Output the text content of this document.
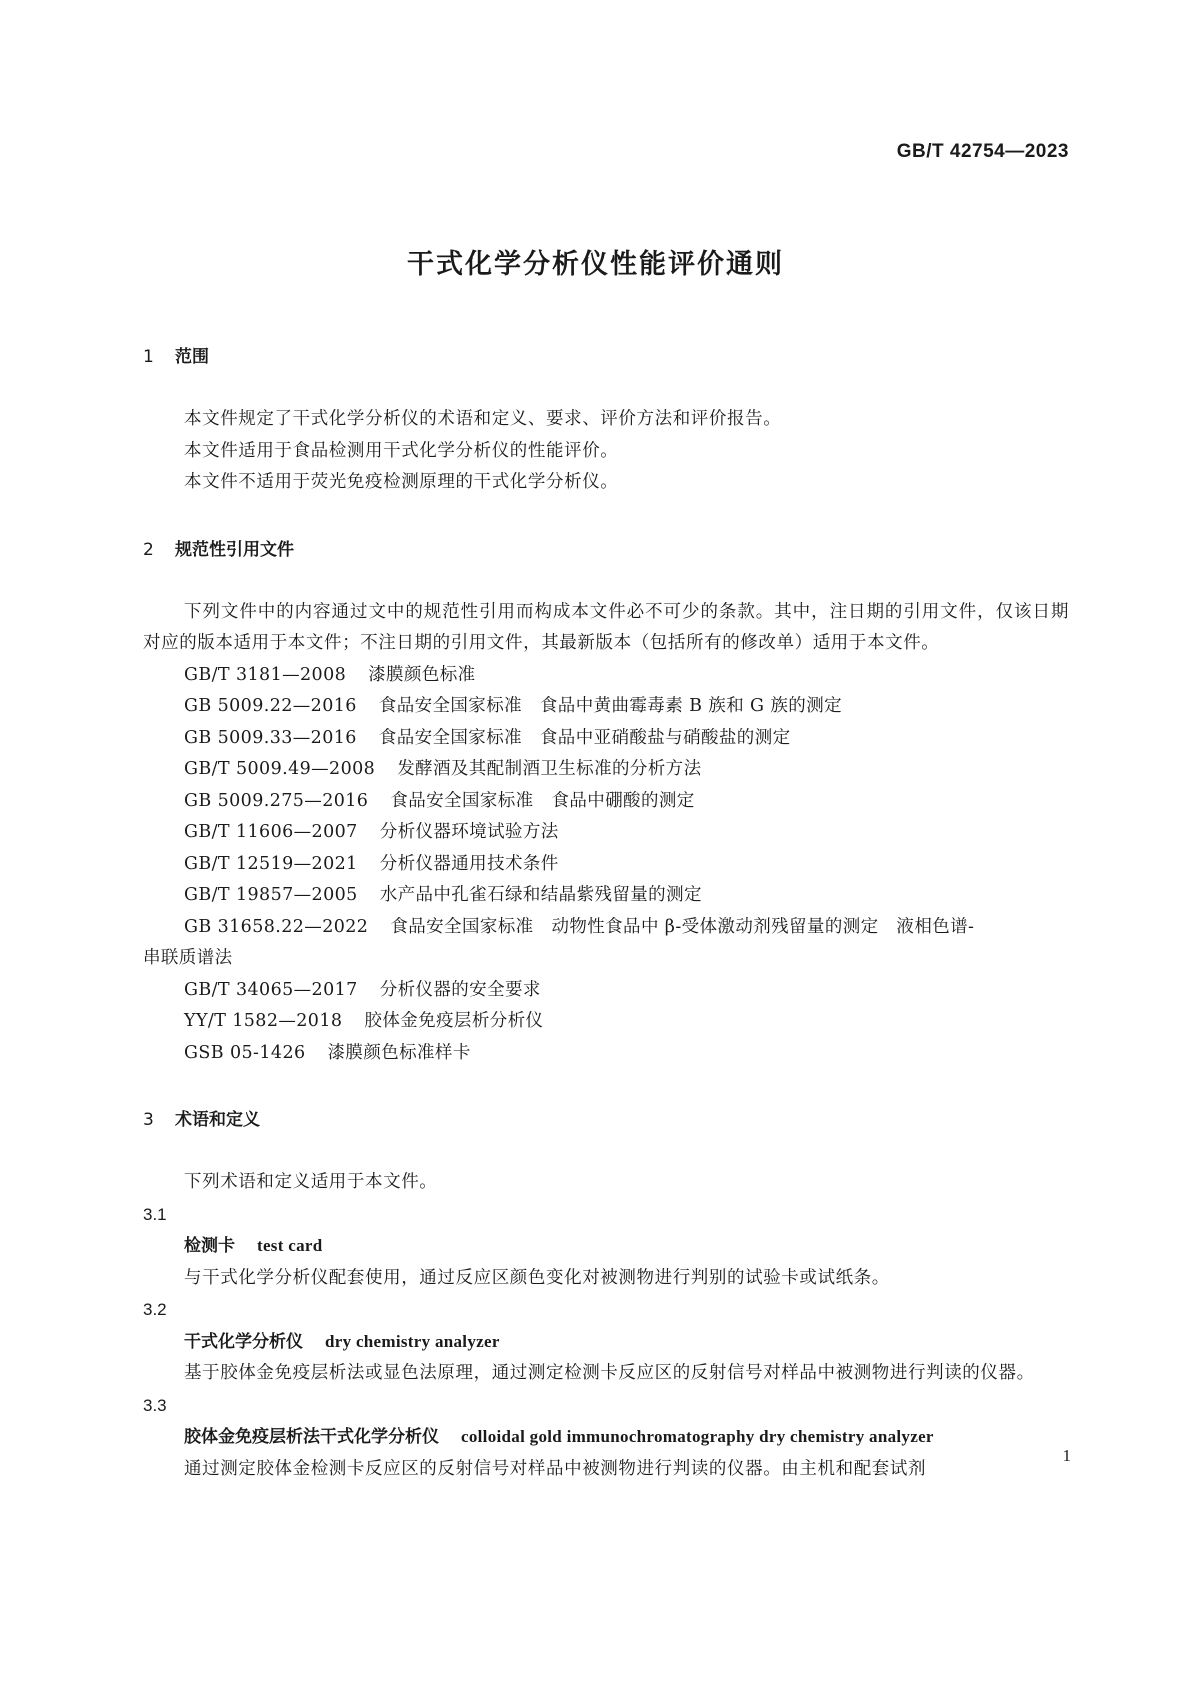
GB/T 42754—2023
干式化学分析仪性能评价通则
1 范围
本文件规定了干式化学分析仪的术语和定义、要求、评价方法和评价报告。
本文件适用于食品检测用干式化学分析仪的性能评价。
本文件不适用于荧光免疫检测原理的干式化学分析仪。
2 规范性引用文件
下列文件中的内容通过文中的规范性引用而构成本文件必不可少的条款。其中，注日期的引用文件，仅该日期对应的版本适用于本文件；不注日期的引用文件，其最新版本（包括所有的修改单）适用于本文件。
GB/T 3181—2008 漆膜颜色标准
GB 5009.22—2016 食品安全国家标准　食品中黄曲霉毒素 B 族和 G 族的测定
GB 5009.33—2016 食品安全国家标准　食品中亚硝酸盐与硝酸盐的测定
GB/T 5009.49—2008 发酵酒及其配制酒卫生标准的分析方法
GB 5009.275—2016 食品安全国家标准　食品中硼酸的测定
GB/T 11606—2007 分析仪器环境试验方法
GB/T 12519—2021 分析仪器通用技术条件
GB/T 19857—2005 水产品中孔雀石绿和结晶紫残留量的测定
GB 31658.22—2022 食品安全国家标准　动物性食品中 β-受体激动剂残留量的测定　液相色谱-
串联质谱法
GB/T 34065—2017 分析仪器的安全要求
YY/T 1582—2018 胶体金免疫层析分析仪
GSB 05-1426 漆膜颜色标准样卡
3 术语和定义
下列术语和定义适用于本文件。
3.1
检测卡 test card
与干式化学分析仪配套使用，通过反应区颜色变化对被测物进行判别的试验卡或试纸条。
3.2
干式化学分析仪 dry chemistry analyzer
基于胶体金免疫层析法或显色法原理，通过测定检测卡反应区的反射信号对样品中被测物进行判读的仪器。
3.3
胶体金免疫层析法干式化学分析仪 colloidal gold immunochromatography dry chemistry analyzer
通过测定胶体金检测卡反应区的反射信号对样品中被测物进行判读的仪器。由主机和配套试剂
1
